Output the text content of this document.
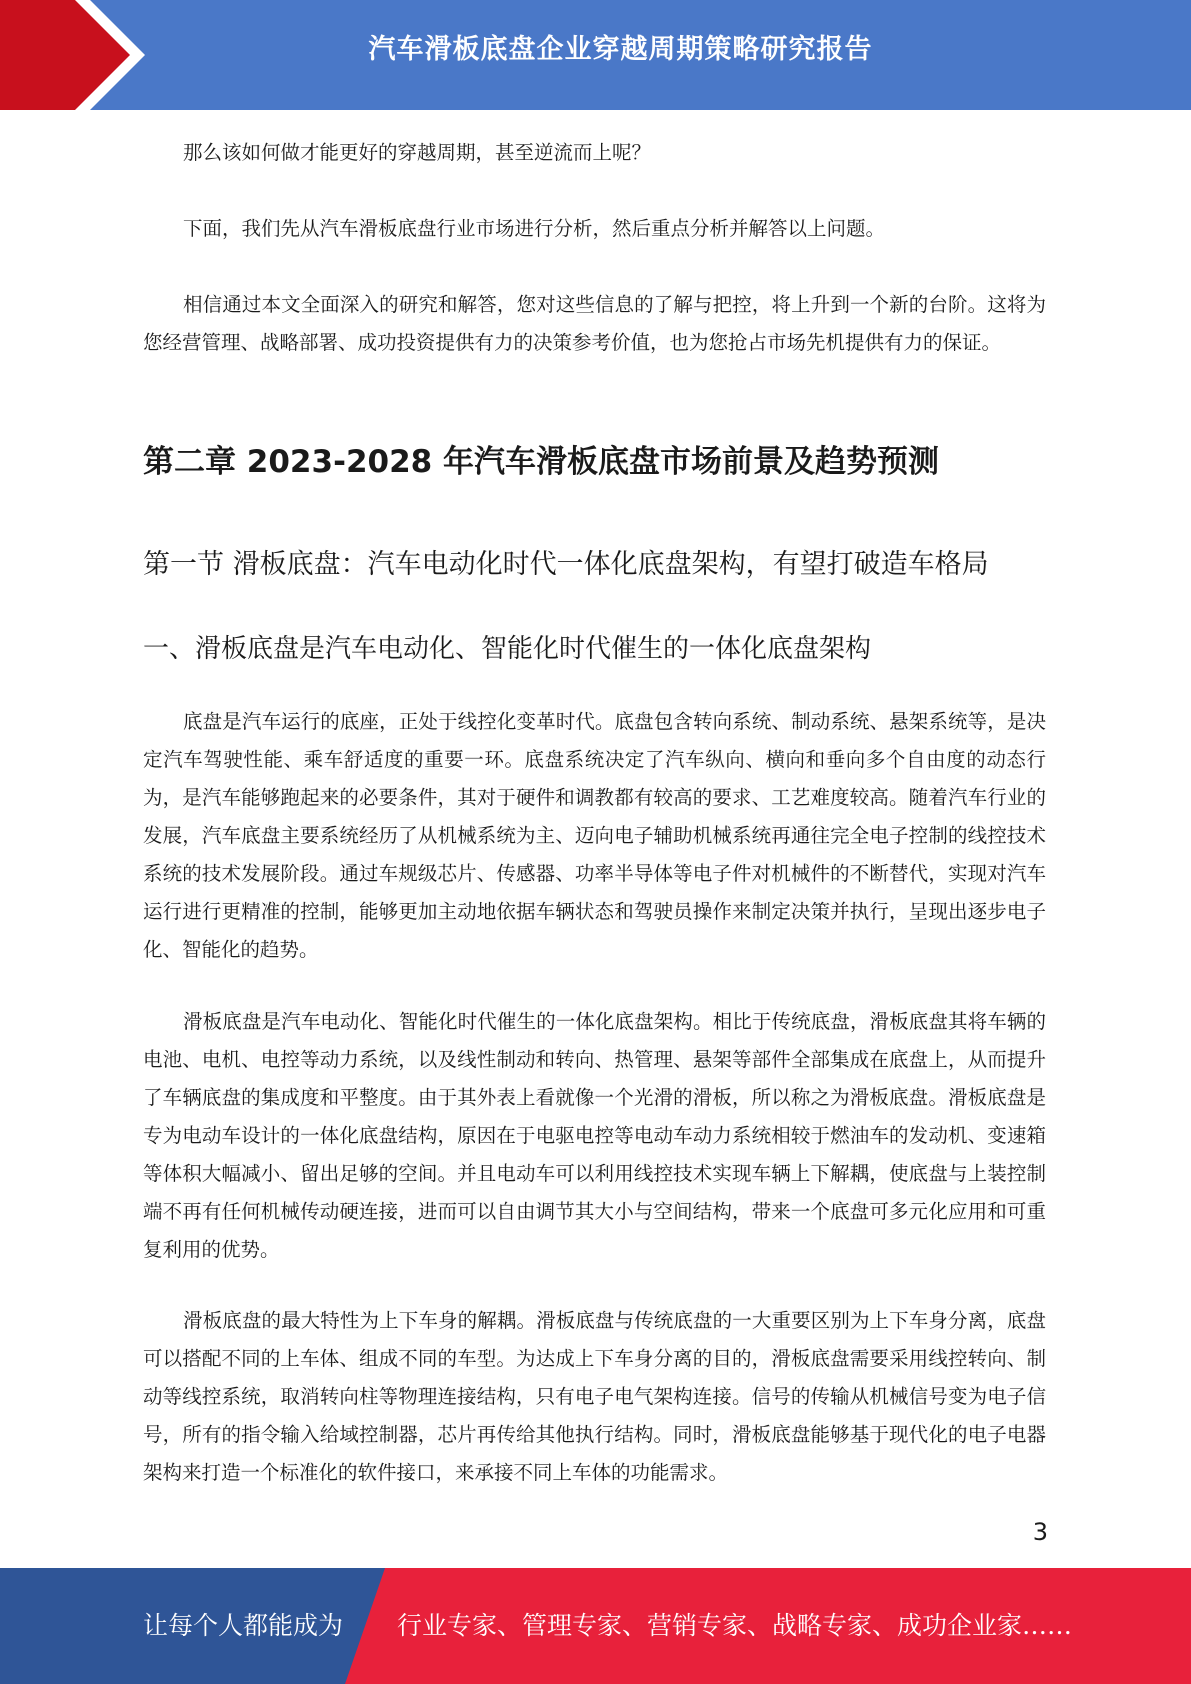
汽车滑板底盘企业穿越周期策略研究报告

那么该如何做才能更好的穿越周期，甚至逆流而上呢？

下面，我们先从汽车滑板底盘行业市场进行分析，然后重点分析并解答以上问题。

相信通过本文全面深入的研究和解答，您对这些信息的了解与把控，将上升到一个新的台阶。这将为您经营管理、战略部署、成功投资提供有力的决策参考价值，也为您抢占市场先机提供有力的保证。

第二章 2023-2028 年汽车滑板底盘市场前景及趋势预测
第一节 滑板底盘：汽车电动化时代一体化底盘架构，有望打破造车格局
一、滑板底盘是汽车电动化、智能化时代催生的一体化底盘架构

底盘是汽车运行的底座，正处于线控化变革时代。底盘包含转向系统、制动系统、悬架系统等，是决定汽车驾驶性能、乘车舒适度的重要一环。底盘系统决定了汽车纵向、横向和垂向多个自由度的动态行为，是汽车能够跑起来的必要条件，其对于硬件和调教都有较高的要求、工艺难度较高。随着汽车行业的发展，汽车底盘主要系统经历了从机械系统为主、迈向电子辅助机械系统再通往完全电子控制的线控技术系统的技术发展阶段。通过车规级芯片、传感器、功率半导体等电子件对机械件的不断替代，实现对汽车运行进行更精准的控制，能够更加主动地依据车辆状态和驾驶员操作来制定决策并执行，呈现出逐步电子化、智能化的趋势。

滑板底盘是汽车电动化、智能化时代催生的一体化底盘架构。相比于传统底盘，滑板底盘其将车辆的电池、电机、电控等动力系统，以及线性制动和转向、热管理、悬架等部件全部集成在底盘上，从而提升了车辆底盘的集成度和平整度。由于其外表上看就像一个光滑的滑板，所以称之为滑板底盘。滑板底盘是专为电动车设计的一体化底盘结构，原因在于电驱电控等电动车动力系统相较于燃油车的发动机、变速箱等体积大幅减小、留出足够的空间。并且电动车可以利用线控技术实现车辆上下解耦，使底盘与上装控制端不再有任何机械传动硬连接，进而可以自由调节其大小与空间结构，带来一个底盘可多元化应用和可重复利用的优势。

滑板底盘的最大特性为上下车身的解耦。滑板底盘与传统底盘的一大重要区别为上下车身分离，底盘可以搭配不同的上车体、组成不同的车型。为达成上下车身分离的目的，滑板底盘需要采用线控转向、制动等线控系统，取消转向柱等物理连接结构，只有电子电气架构连接。信号的传输从机械信号变为电子信号，所有的指令输入给域控制器，芯片再传给其他执行结构。同时，滑板底盘能够基于现代化的电子电器架构来打造一个标准化的软件接口，来承接不同上车体的功能需求。

3
让每个人都能成为 行业专家、管理专家、营销专家、战略专家、成功企业家……
